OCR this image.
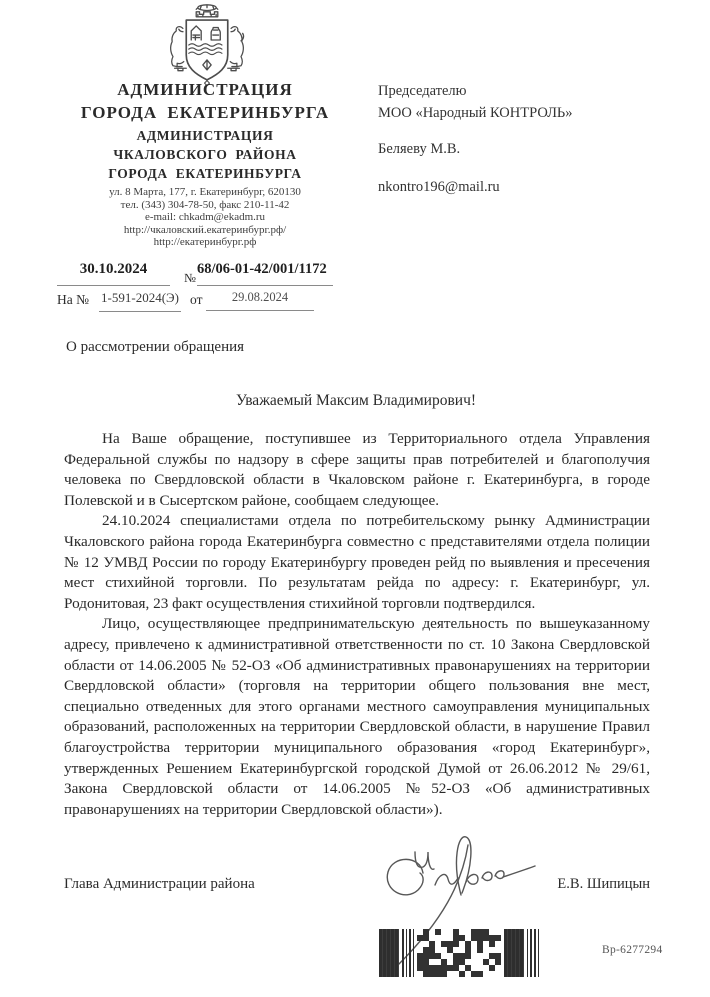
АДМИНИСТРАЦИЯ
ГОРОДА ЕКАТЕРИНБУРГА
АДМИНИСТРАЦИЯ
ЧКАЛОВСКОГО РАЙОНА
ГОРОДА ЕКАТЕРИНБУРГА
ул. 8 Марта, 177, г. Екатеринбург, 620130
тел. (343) 304-78-50, факс 210-11-42
e-mail: chkadm@ekadm.ru
http://чкаловский.екатеринбург.рф/
http://екатеринбург.рф
Председателю
МОО «Народный КОНТРОЛЬ»
Беляеву М.В.
nkontro196@mail.ru
30.10.2024
№
68/06-01-42/001/1172
На № 1-591-2024(Э) от	29.08.2024
О рассмотрении обращения
Уважаемый Максим Владимирович!

На Ваше обращение, поступившее из Территориального отдела Управления Федеральной службы по надзору в сфере защиты прав потребителей и благополучия человека по Свердловской области в Чкаловском районе г. Екатеринбурга, в городе Полевской и в Сысертском районе, сообщаем следующее.

24.10.2024 специалистами отдела по потребительскому рынку Администрации Чкаловского района города Екатеринбурга совместно с представителями отдела полиции № 12 УМВД России по городу Екатеринбургу проведен рейд по выявления и пресечения мест стихийной торговли. По результатам рейда по адресу: г. Екатеринбург, ул. Родонитовая, 23 факт осуществления стихийной торговли подтвердился.

Лицо, осуществляющее предпринимательскую деятельность по вышеуказанному адресу, привлечено к административной ответственности по ст. 10 Закона Свердловской области от 14.06.2005 № 52-ОЗ «Об административных правонарушениях на территории Свердловской области» (торговля на территории общего пользования вне мест, специально отведенных для этого органами местного самоуправления муниципальных образований, расположенных на территории Свердловской области, в нарушение Правил благоустройства территории муниципального образования «город Екатеринбург», утвержденных Решением Екатеринбургской городской Думой от 26.06.2012 № 29/61, Закона Свердловской области от 14.06.2005 №52-ОЗ «Об административных правонарушениях на территории Свердловской области»).

Глава Администрации района	Е.В. Шипицын
Вр-6277294
